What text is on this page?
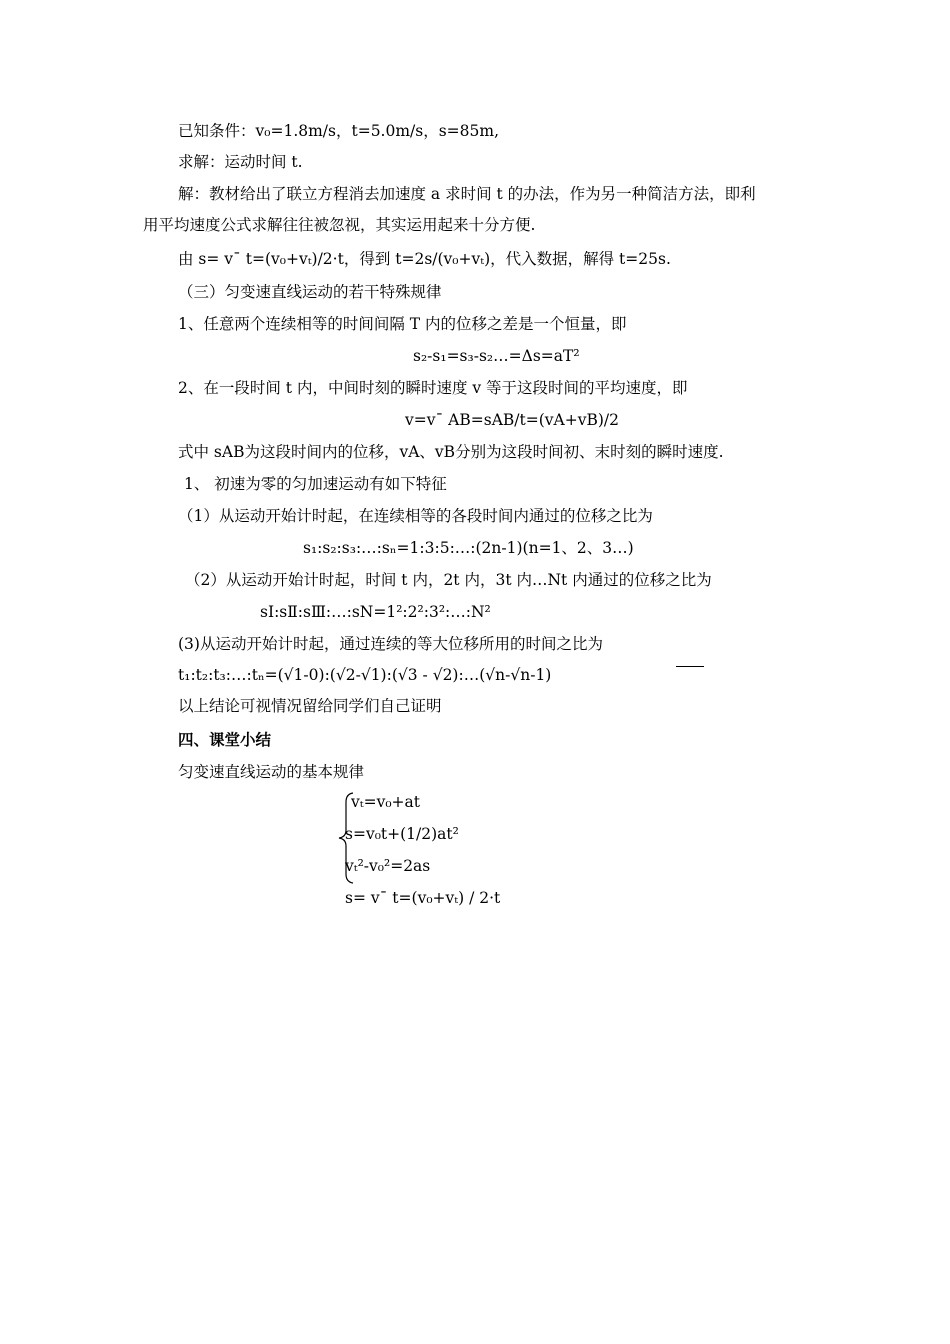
已知条件：v₀=1.8m/s，t=5.0m/s，s=85m,
求解：运动时间 t.
解：教材给出了联立方程消去加速度 a 求时间 t 的办法，作为另一种简洁方法，即利
用平均速度公式求解往往被忽视，其实运用起来十分方便.
由 s= v¯ t=(v₀+vₜ)/2·t，得到 t=2s/(v₀+vₜ)，代入数据，解得 t=25s.
（三）匀变速直线运动的若干特殊规律
1、任意两个连续相等的时间间隔 T 内的位移之差是一个恒量，即
s₂-s₁=s₃-s₂…=Δs=aT²
2、在一段时间 t 内，中间时刻的瞬时速度 v 等于这段时间的平均速度，即
v=v¯ AB=sAB/t=(vA+vB)/2
式中 sAB为这段时间内的位移，vA、vB分别为这段时间初、末时刻的瞬时速度.
1、 初速为零的匀加速运动有如下特征
（1）从运动开始计时起，在连续相等的各段时间内通过的位移之比为
s₁:s₂:s₃:…:sₙ=1:3:5:…:(2n-1)(n=1、2、3…)
（2）从运动开始计时起，时间 t 内，2t 内，3t 内…Nt 内通过的位移之比为
sⅠ:sⅡ:sⅢ:…:sN=1²:2²:3²:…:N²
(3)从运动开始计时起，通过连续的等大位移所用的时间之比为
t₁:t₂:t₃:…:tₙ=(√1-0):(√2-√1):(√3 - √2):…(√n-√n-1)
以上结论可视情况留给同学们自己证明
四、课堂小结
匀变速直线运动的基本规律
vₜ=v₀+at
s=v₀t+(1/2)at²
vₜ²-v₀²=2as
s= v¯ t=(v₀+vₜ) / 2·t
